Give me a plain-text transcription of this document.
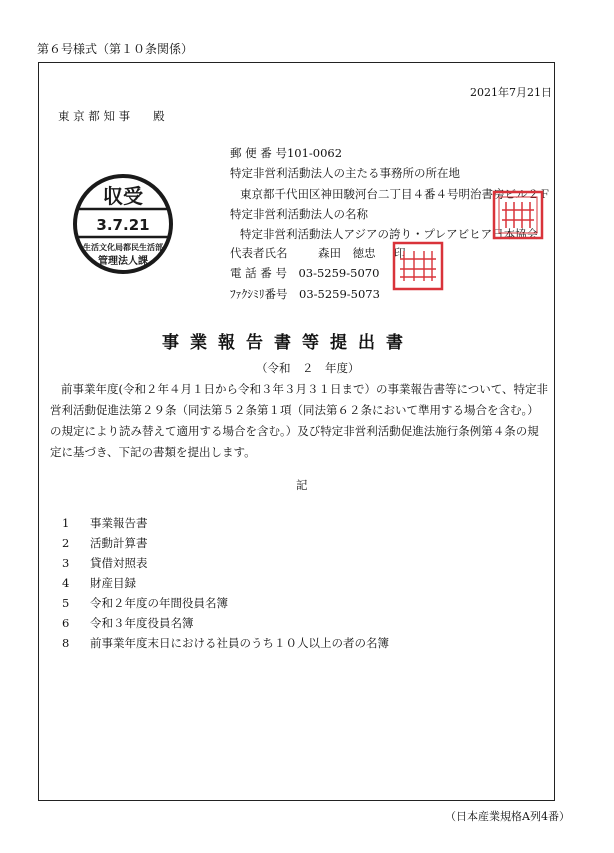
第６号様式（第１０条関係）
2021年7月21日
東 京 都 知 事　　殿
郵 便 番 号101-0062
特定非営利活動法人の主たる事務所の所在地
東京都千代田区神田駿河台二丁目４番４号明治書房ビル２Ｆ
特定非営利活動法人の名称
特定非営利活動法人アジアの誇り・プレアビヒア日本協会
代表者氏名	森田　徳忠 印
電 話 番 号　03-5259-5070
ﾌｧｸｼﾐﾘ番号　03-5259-5073
収受
3.7.21
生活文化局都民生活部
管理法人課
事業報告書等提出書
（令和　２　年度）
前事業年度(令和２年４月１日から令和３年３月３１日まで）の事業報告書等について、特定非営利活動促進法第２９条（同法第５２条第１項（同法第６２条において準用する場合を含む。）の規定により読み替えて適用する場合を含む。）及び特定非営利活動促進法施行条例第４条の規定に基づき、下記の書類を提出します。
記
1 事業報告書
2 活動計算書
3 貸借対照表
4 財産目録
5 令和２年度の年間役員名簿
6 令和３年度役員名簿
8 前事業年度末日における社員のうち１０人以上の者の名簿
（日本産業規格A列4番）
